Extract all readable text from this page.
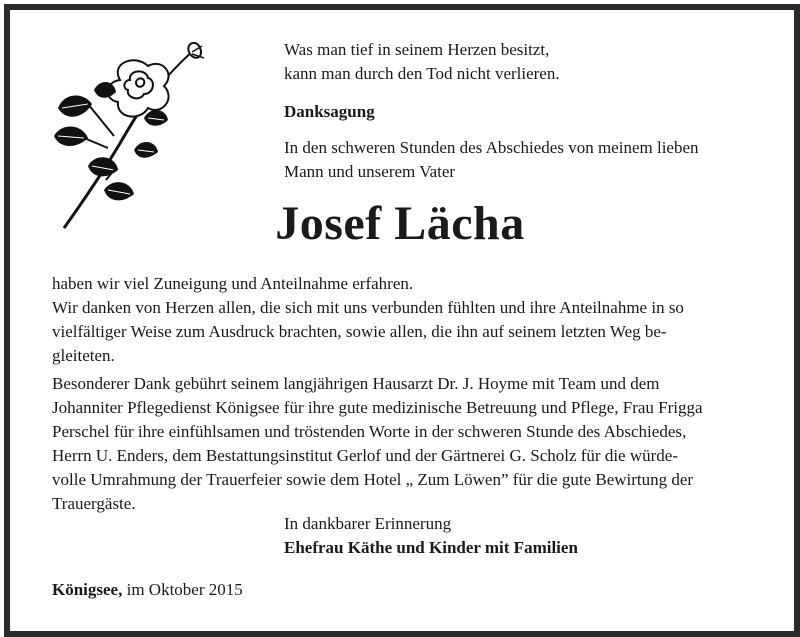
Was man tief in seinem Herzen besitzt,
kann man durch den Tod nicht verlieren.
Danksagung
In den schweren Stunden des Abschiedes von meinem lieben
Mann und unserem Vater
Josef Lächa

haben wir viel Zuneigung und Anteilnahme erfahren.
Wir danken von Herzen allen, die sich mit uns verbunden fühlten und ihre Anteilnahme in so
vielfältiger Weise zum Ausdruck brachten, sowie allen, die ihn auf seinem letzten Weg be-
gleiteten.

Besonderer Dank gebührt seinem langjährigen Hausarzt Dr. J. Hoyme mit Team und dem
Johanniter Pflegedienst Königsee für ihre gute medizinische Betreuung und Pflege, Frau Frigga
Perschel für ihre einfühlsamen und tröstenden Worte in der schweren Stunde des Abschiedes,
Herrn U. Enders, dem Bestattungsinstitut Gerlof und der Gärtnerei G. Scholz für die würde-
volle Umrahmung der Trauerfeier sowie dem Hotel „ Zum Löwen” für die gute Bewirtung der
Trauergäste.

In dankbarer Erinnerung
Ehefrau Käthe und Kinder mit Familien
Königsee, im Oktober 2015
